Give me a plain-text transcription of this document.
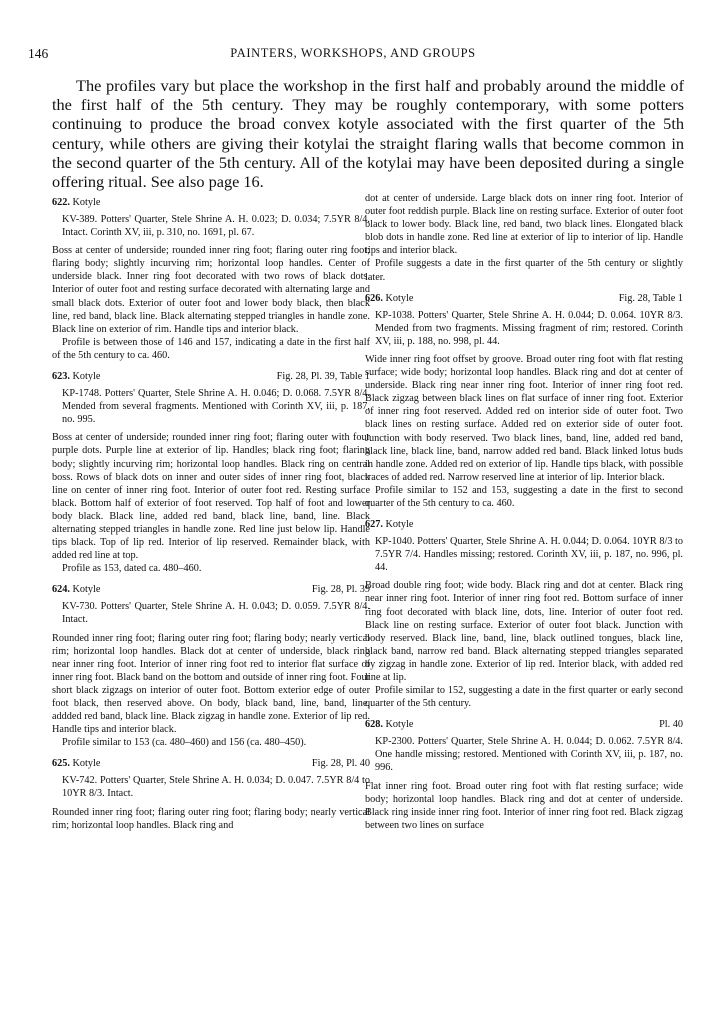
146	PAINTERS, WORKSHOPS, AND GROUPS

The profiles vary but place the workshop in the first half and probably around the middle of the first half of the 5th century. They may be roughly contemporary, with some potters continuing to produce the broad convex kotyle associated with the first quarter of the 5th century, while others are giving their kotylai the straight flaring walls that become common in the second quarter of the 5th century. All of the kotylai may have been deposited during a single offering ritual. See also page 16.

622. Kotyle

KV-389. Potters' Quarter, Stele Shrine A. H. 0.023; D. 0.034; 7.5YR 8/4. Intact. Corinth XV, iii, p. 310, no. 1691, pl. 67.

Boss at center of underside; rounded inner ring foot; flaring outer ring foot; flaring body; slightly incurving rim; horizontal loop handles. Center of underside black. Inner ring foot decorated with two rows of black dots. Interior of outer foot and resting surface decorated with alternating large and small black dots. Exterior of outer foot and lower body black, then black line, red band, black line. Black alternating stepped triangles in handle zone. Black line on exterior of rim. Handle tips and interior black.

Profile is between those of 146 and 157, indicating a date in the first half of the 5th century to ca. 460.

623. Kotyle	Fig. 28, Pl. 39, Table 1

KP-1748. Potters' Quarter, Stele Shrine A. H. 0.046; D. 0.068. 7.5YR 8/4. Mended from several fragments. Mentioned with Corinth XV, iii, p. 187, no. 995.

Boss at center of underside; rounded inner ring foot; flaring outer with four purple dots. Purple line at exterior of lip. Handles; black ring foot; flaring body; slightly incurving rim; horizontal loop handles. Black ring on central boss. Rows of black dots on inner and outer sides of inner ring foot, black line on center of inner ring foot. Interior of outer foot red. Resting surface black. Bottom half of exterior of foot reserved. Top half of foot and lower body black. Black line, added red band, black line, band, line. Black alternating stepped triangles in handle zone. Red line just below lip. Handle tips black. Top of lip red. Interior of lip reserved. Remainder black, with added red line at top.

Profile as 153, dated ca. 480–460.

624. Kotyle	Fig. 28, Pl. 39

KV-730. Potters' Quarter, Stele Shrine A. H. 0.043; D. 0.059. 7.5YR 8/4. Intact.

Rounded inner ring foot; flaring outer ring foot; flaring body; nearly vertical rim; horizontal loop handles. Black dot at center of underside, black ring near inner ring foot. Interior of inner ring foot red to interior flat surface of inner ring foot. Black band on the bottom and outside of inner ring foot. Four short black zigzags on interior of outer foot. Bottom exterior edge of outer foot black, then reserved above. On body, black band, line, band, line, addded red band, black line. Black zigzag in handle zone. Exterior of lip red. Handle tips and interior black.

Profile similar to 153 (ca. 480–460) and 156 (ca. 480–450).

625. Kotyle	Fig. 28, Pl. 40

KV-742. Potters' Quarter, Stele Shrine A. H. 0.034; D. 0.047. 7.5YR 8/4 to 10YR 8/3. Intact.

Rounded inner ring foot; flaring outer ring foot; flaring body; nearly vertical rim; horizontal loop handles. Black ring and

dot at center of underside. Large black dots on inner ring foot. Interior of outer foot reddish purple. Black line on resting surface. Exterior of outer foot black to lower body. Black line, red band, two black lines. Elongated black blob dots in handle zone. Red line at exterior of lip to interior of lip. Handle tips and interior black.

Profile suggests a date in the first quarter of the 5th century or slightly later.

626. Kotyle	Fig. 28, Table 1

KP-1038. Potters' Quarter, Stele Shrine A. H. 0.044; D. 0.064. 10YR 8/3. Mended from two fragments. Missing fragment of rim; restored. Corinth XV, iii, p. 188, no. 998, pl. 44.

Wide inner ring foot offset by groove. Broad outer ring foot with flat resting surface; wide body; horizontal loop handles. Black ring and dot at center of underside. Black ring near inner ring foot. Interior of inner ring foot red. Black zigzag between black lines on flat surface of inner ring foot. Exterior of inner ring foot reserved. Added red on interior side of outer foot. Two black lines on resting surface. Added red on exterior side of outer foot. Junction with body reserved. Two black lines, band, line, added red band, black line, black line, band, narrow added red band. Black linked lotus buds in handle zone. Added red on exterior of lip. Handle tips black, with possible traces of added red. Narrow reserved line at interior of lip. Interior black.

Profile similar to 152 and 153, suggesting a date in the first to second quarter of the 5th century to ca. 460.

627. Kotyle

KP-1040. Potters' Quarter, Stele Shrine A. H. 0.044; D. 0.064. 10YR 8/3 to 7.5YR 7/4. Handles missing; restored. Corinth XV, iii, p. 187, no. 996, pl. 44.

Broad double ring foot; wide body. Black ring and dot at center. Black ring near inner ring foot. Interior of inner ring foot red. Bottom surface of inner ring foot decorated with black line, dots, line. Interior of outer foot red. Black line on resting surface. Exterior of outer foot black. Junction with body reserved. Black line, band, line, black outlined tongues, black line, black band, narrow red band. Black alternating stepped triangles separated by zigzag in handle zone. Exterior of lip red. Interior black, with added red line at lip.

Profile similar to 152, suggesting a date in the first quarter or early second quarter of the 5th century.

628. Kotyle	Pl. 40

KP-2300. Potters' Quarter, Stele Shrine A. H. 0.044; D. 0.062. 7.5YR 8/4. One handle missing; restored. Mentioned with Corinth XV, iii, p. 187, no. 996.

Flat inner ring foot. Broad outer ring foot with flat resting surface; wide body; horizontal loop handles. Black ring and dot at center of underside. Black ring inside inner ring foot. Interior of inner ring foot red. Black zigzag between two lines on surface
